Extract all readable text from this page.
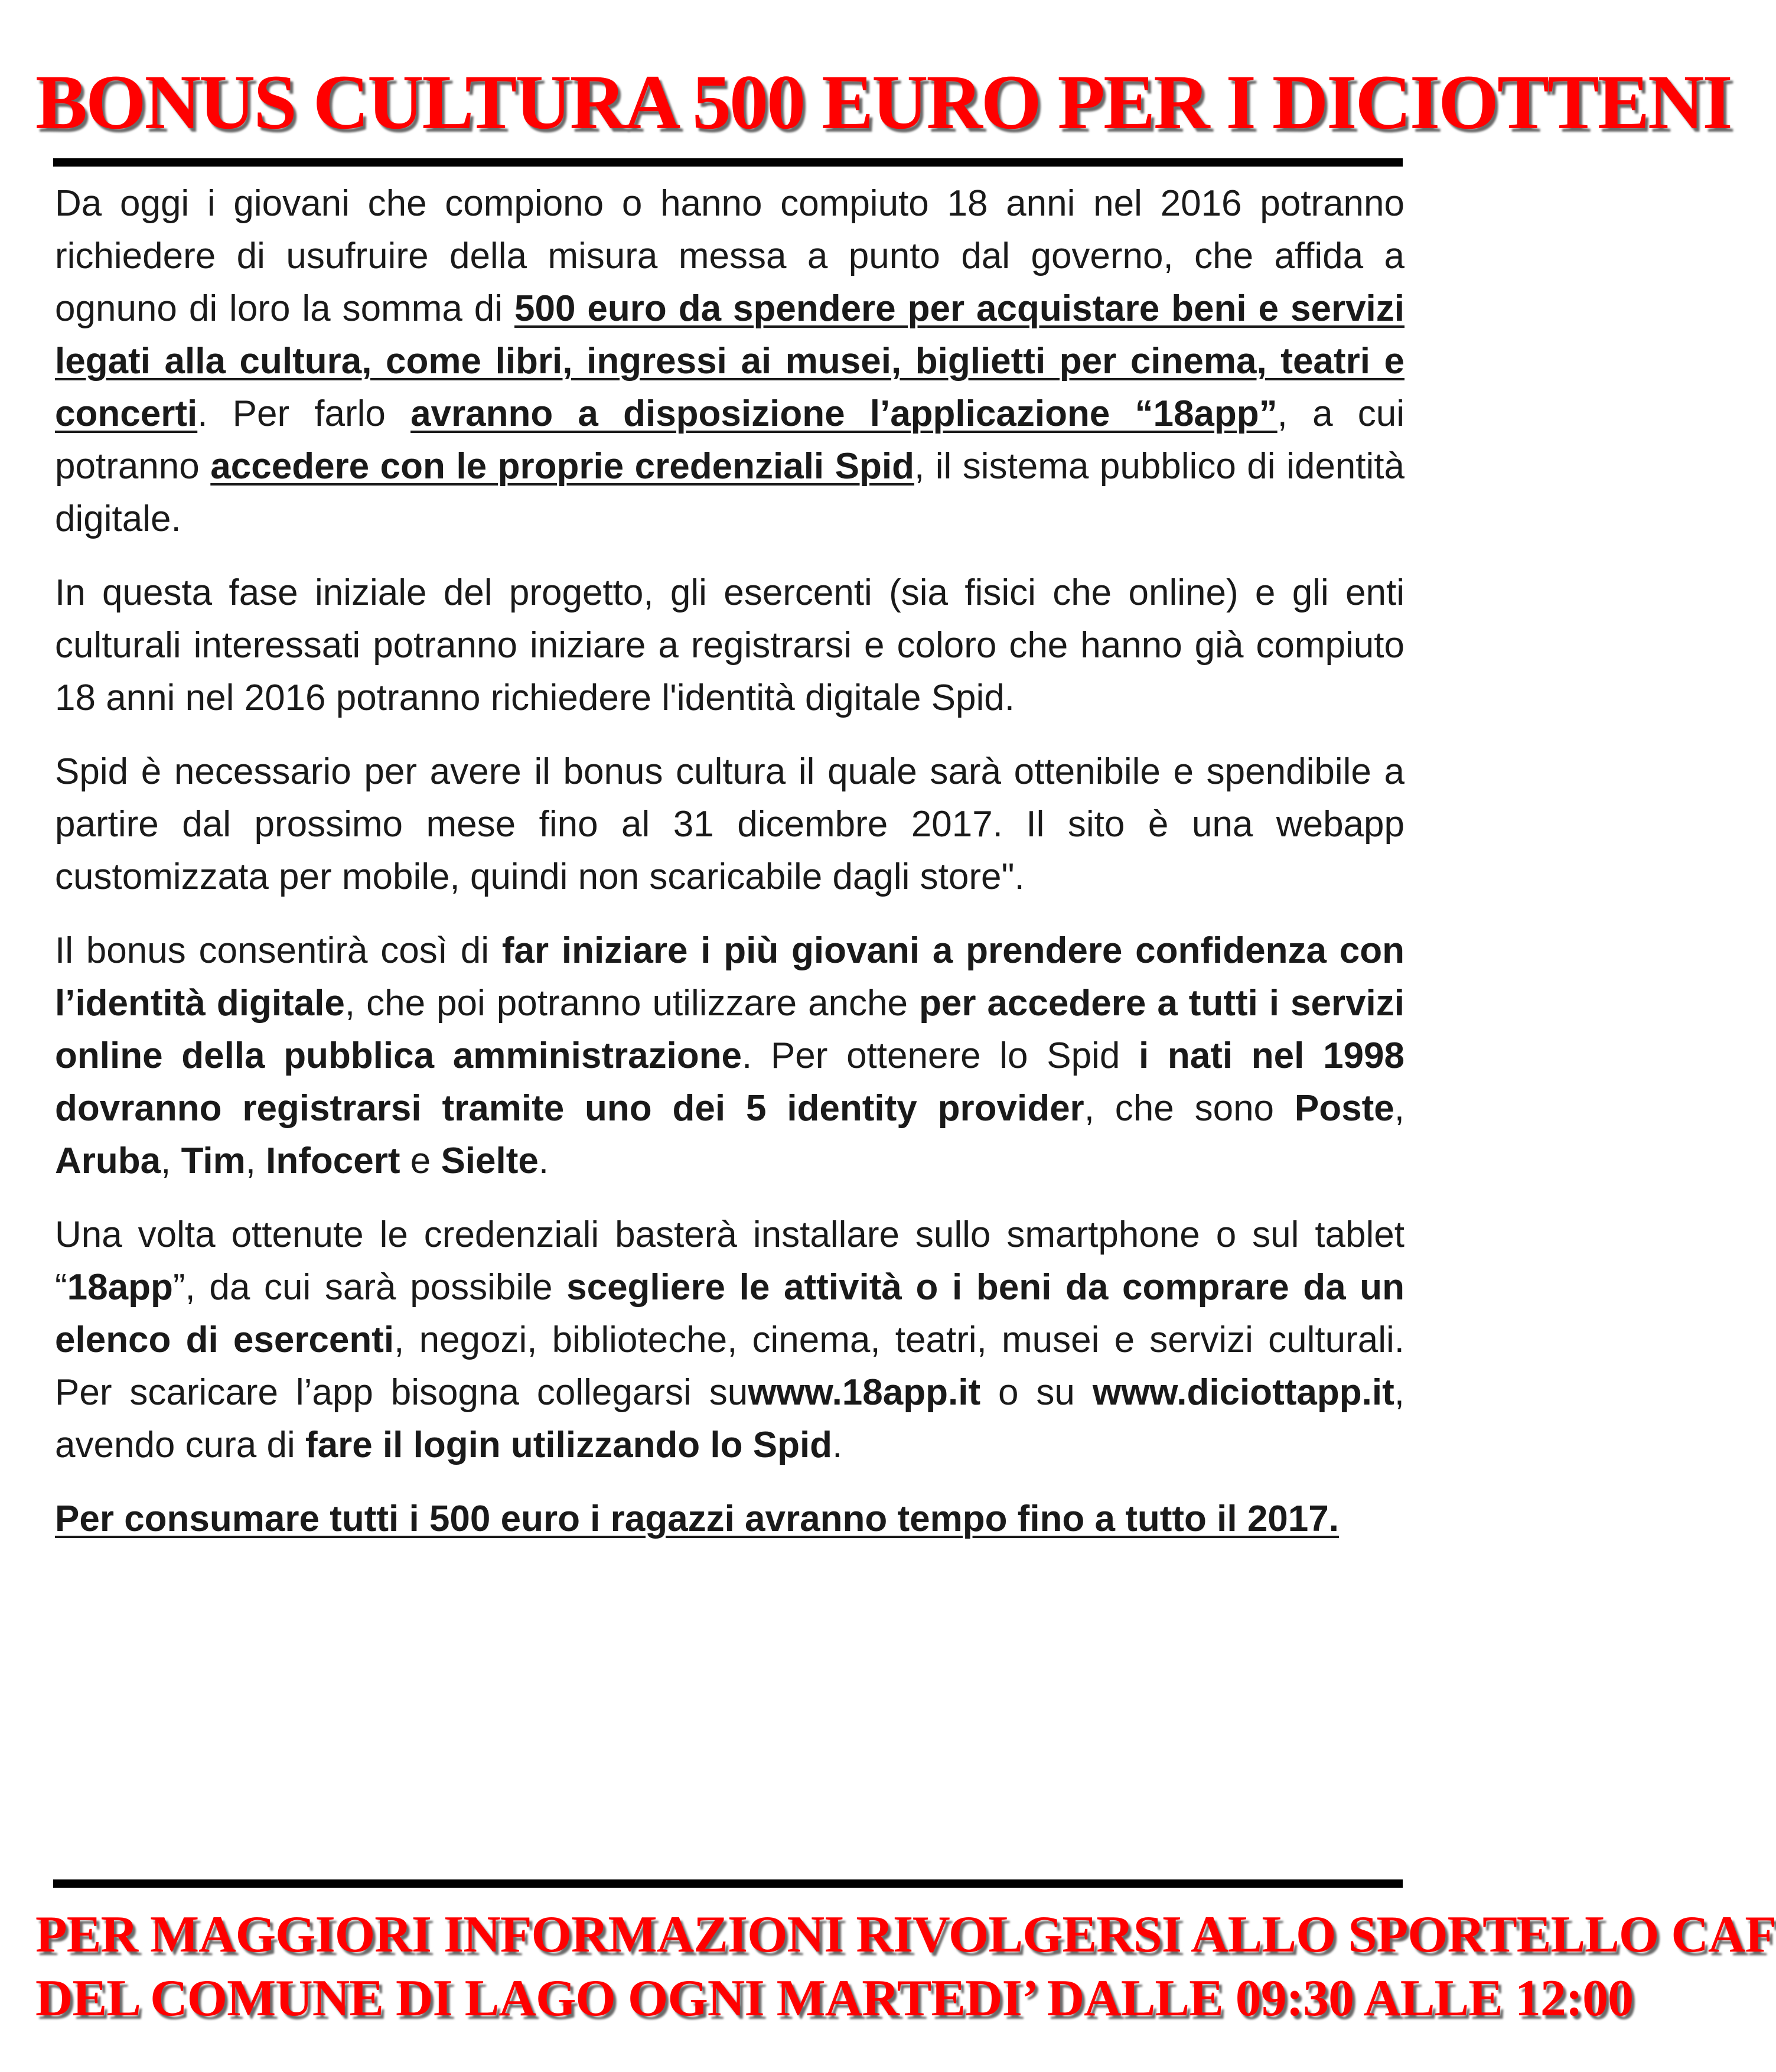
BONUS CULTURA 500 EURO PER I DICIOTTENI

Da oggi i giovani che compiono o hanno compiuto 18 anni nel 2016 potranno richiedere di usufruire della misura messa a punto dal governo, che affida a ognuno di loro la somma di 500 euro da spendere per acquistare beni e servizi legati alla cultura, come libri, ingressi ai musei, biglietti per cinema, teatri e concerti. Per farlo avranno a disposizione l’applicazione “18app”, a cui potranno accedere con le proprie credenziali Spid, il sistema pubblico di identità digitale.

In questa fase iniziale del progetto, gli esercenti (sia fisici che online) e gli enti culturali interessati potranno iniziare a registrarsi e coloro che hanno già compiuto 18 anni nel 2016 potranno richiedere l'identità digitale Spid.

Spid è necessario per avere il bonus cultura il quale sarà ottenibile e spendibile a partire dal prossimo mese fino al 31 dicembre 2017. Il sito è una webapp customizzata per mobile, quindi non scaricabile dagli store".

Il bonus consentirà così di far iniziare i più giovani a prendere confidenza con l’identità digitale, che poi potranno utilizzare anche per accedere a tutti i servizi online della pubblica amministrazione. Per ottenere lo Spid i nati nel 1998 dovranno registrarsi tramite uno dei 5 identity provider, che sono Poste, Aruba, Tim, Infocert e Sielte.

Una volta ottenute le credenziali basterà installare sullo smartphone o sul tablet “18app”, da cui sarà possibile scegliere le attività o i beni da comprare da un elenco di esercenti, negozi, biblioteche, cinema, teatri, musei e servizi culturali. Per scaricare l’app bisogna collegarsi suwww.18app.it o su www.diciottapp.it, avendo cura di fare il login utilizzando lo Spid.

Per consumare tutti i 500 euro i ragazzi avranno tempo fino a tutto il 2017.

PER MAGGIORI INFORMAZIONI RIVOLGERSI ALLO SPORTELLO CAF
DEL COMUNE DI LAGO OGNI MARTEDI’ DALLE 09:30 ALLE 12:00
